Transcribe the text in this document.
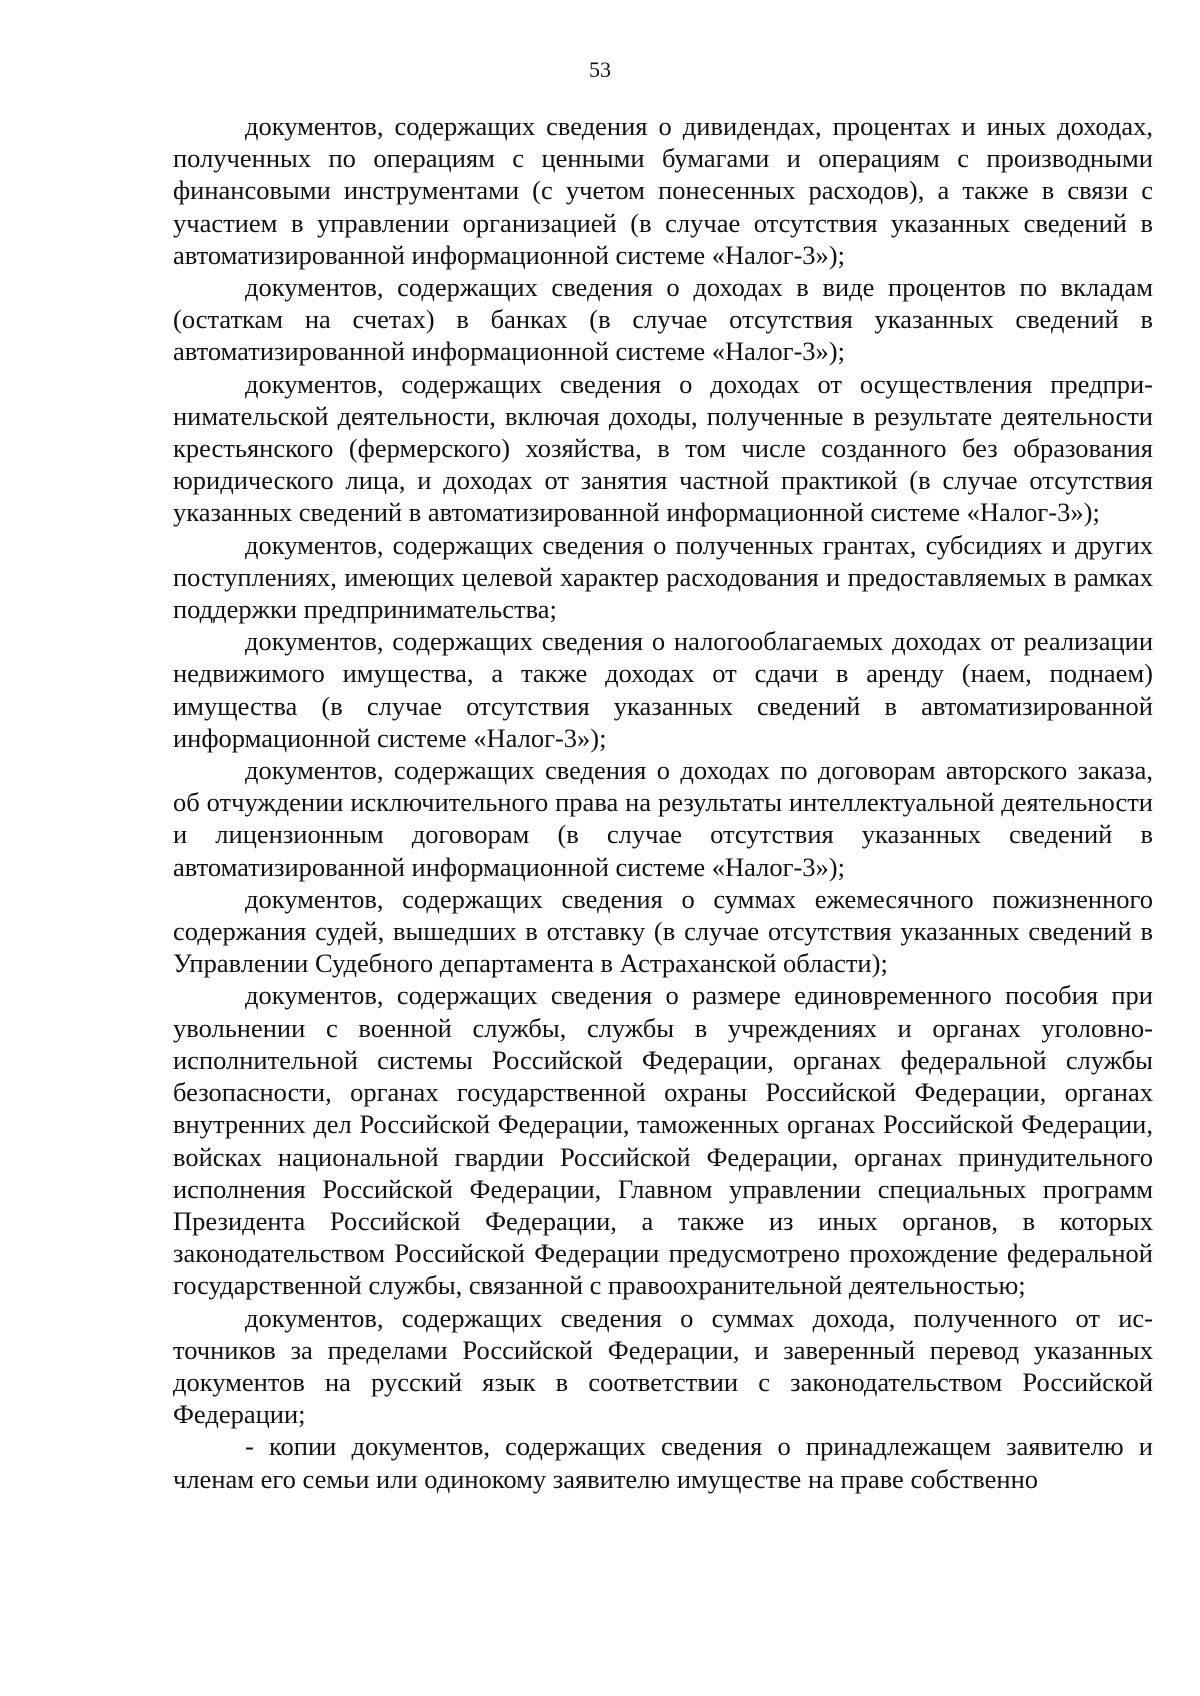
53

документов, содержащих сведения о дивидендах, процентах и иных доходах, полученных по операциям с ценными бумагами и операциям с производными финансовыми инструментами (с учетом понесенных расходов), а также в связи с участием в управлении организацией (в случае отсутствия указанных сведений в автоматизированной информационной системе «Налог-3»);

документов, содержащих сведения о доходах в виде процентов по вкладам (остаткам на счетах) в банках (в случае отсутствия указанных сведений в автоматизированной информационной системе «Налог-3»);

документов, содержащих сведения о доходах от осуществления предпринимательской деятельности, включая доходы, полученные в результате деятельности крестьянского (фермерского) хозяйства, в том числе созданного без образования юридического лица, и доходах от занятия частной практикой (в случае отсутствия указанных сведений в автоматизированной информационной системе «Налог-3»);

документов, содержащих сведения о полученных грантах, субсидиях и других поступлениях, имеющих целевой характер расходования и предоставляемых в рамках поддержки предпринимательства;

документов, содержащих сведения о налогооблагаемых доходах от реализации недвижимого имущества, а также доходах от сдачи в аренду (наем, поднаем) имущества (в случае отсутствия указанных сведений в автоматизированной информационной системе «Налог-3»);

документов, содержащих сведения о доходах по договорам авторского заказа, об отчуждении исключительного права на результаты интеллектуальной деятельности и лицензионным договорам (в случае отсутствия указанных сведений в автоматизированной информационной системе «Налог-3»);

документов, содержащих сведения о суммах ежемесячного пожизненного содержания судей, вышедших в отставку (в случае отсутствия указанных сведений в Управлении Судебного департамента в Астраханской области);

документов, содержащих сведения о размере единовременного пособия при увольнении с военной службы, службы в учреждениях и органах уголовно-исполнительной системы Российской Федерации, органах федеральной службы безопасности, органах государственной охраны Российской Федерации, органах внутренних дел Российской Федерации, таможенных органах Российской Федерации, войсках национальной гвардии Российской Федерации, органах принудительного исполнения Российской Федерации, Главном управлении специальных программ Президента Российской Федерации, а также из иных органов, в которых законодательством Российской Федерации предусмотрено прохождение федеральной государственной службы, связанной с правоохранительной деятельностью;

документов, содержащих сведения о суммах дохода, полученного от источников за пределами Российской Федерации, и заверенный перевод указанных документов на русский язык в соответствии с законодательством Российской Федерации;

- копии документов, содержащих сведения о принадлежащем заявителю и членам его семьи или одинокому заявителю имуществе на праве собственно
